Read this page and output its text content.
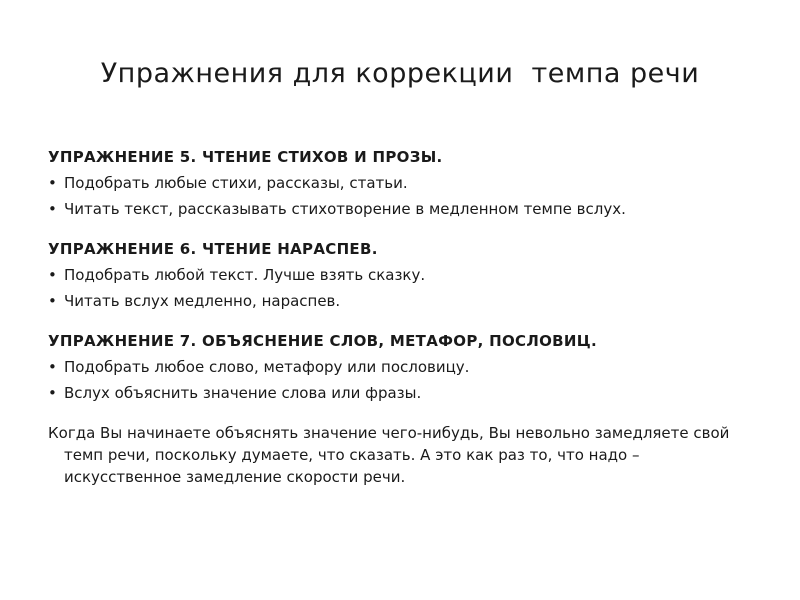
Упражнения для коррекции  темпа речи
УПРАЖНЕНИЕ 5. ЧТЕНИЕ СТИХОВ И ПРОЗЫ.
• Подобрать любые стихи, рассказы, статьи.
• Читать текст, рассказывать стихотворение в медленном темпе вслух.
УПРАЖНЕНИЕ 6. ЧТЕНИЕ НАРАСПЕВ.
• Подобрать любой текст. Лучше взять сказку.
• Читать вслух медленно, нараспев.
УПРАЖНЕНИЕ 7. ОБЪЯСНЕНИЕ СЛОВ, МЕТАФОР, ПОСЛОВИЦ.
• Подобрать любое слово, метафору или пословицу.
• Вслух объяснить значение слова или фразы.
Когда Вы начинаете объяснять значение чего-нибудь, Вы невольно замедляете свой темп речи, поскольку думаете, что сказать. А это как раз то, что надо – искусственное замедление скорости речи.
